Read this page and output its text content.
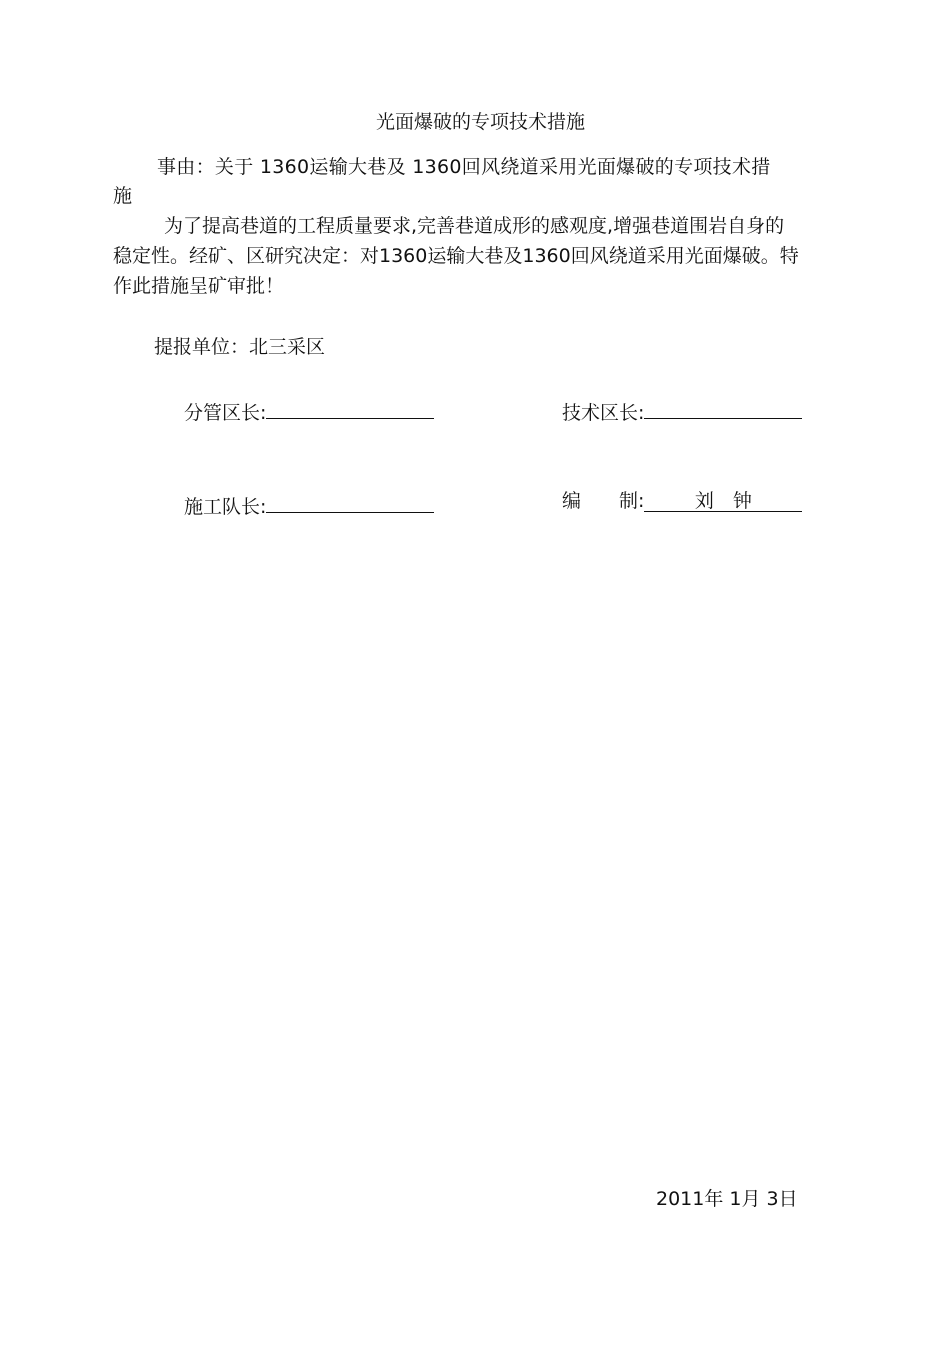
光面爆破的专项技术措施
事由：关于 1360运输大巷及 1360回风绕道采用光面爆破的专项技术措
施
为了提高巷道的工程质量要求,完善巷道成形的感观度,增强巷道围岩自身的
稳定性。经矿、区研究决定：对1360运输大巷及1360回风绕道采用光面爆破。特
作此措施呈矿审批！
提报单位：北三采区
分管区长:	技术区长:
施工队长:	编　　制:	刘　钟
2011年 1月 3日
